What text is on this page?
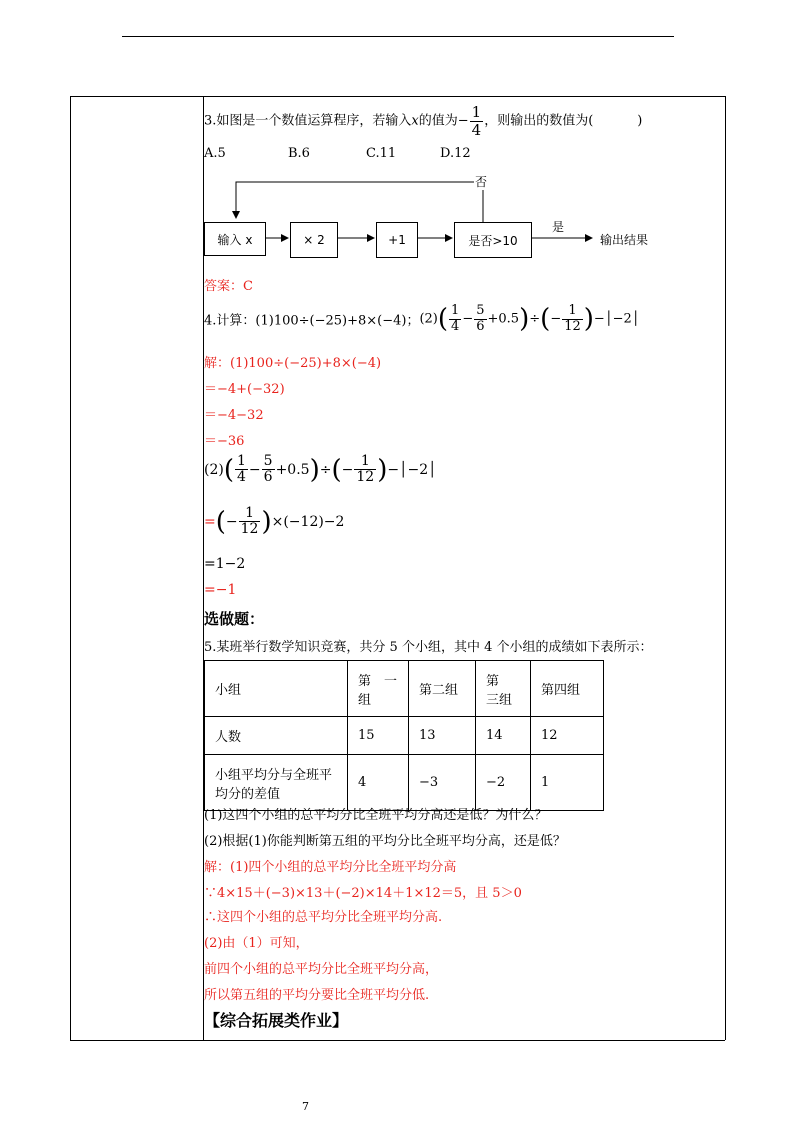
3.如图是一个数值运算程序，若输入x的值为− $\frac{1}{4}$ ，则输出的数值为(	)
A.5	B.6	C.11	D.12
输入 x	× 2	+1	是否>10
否
是
输出结果
答案：C
4.计算：(1)100÷(−25)+8×(−4)；$(2)( \frac{1}{4} - \frac{5}{6} +0.5)\div(- \frac{1}{12}$ )−│−2│
解：(1)100÷(−25)+8×(−4)
＝−4+(−32)
＝−4−32
＝−36
$(2)( \frac{1}{4} - \frac{5}{6} +0.5)\div(- \frac{1}{12}$ )−│−2│
=(− $\frac{1}{12} )\times(-12)-2$
=1−2
=−1
选做题：
5.某班举行数学知识竞赛，共分 5 个小组，其中 4 个小组的成绩如下表所示：
小组	第　一组	第二组	第　三组	第四组
人数	15	13	14	12
小组平均分与全班平均分的差值	4	−3	−2	1
(1)这四个小组的总平均分比全班平均分高还是低？为什么？
(2)根据(1)你能判断第五组的平均分比全班平均分高，还是低？
解：(1)四个小组的总平均分比全班平均分高
∵4×15＋(−3)×13＋(−2)×14＋1×12＝5，且 5＞0
∴这四个小组的总平均分比全班平均分高.
(2)由（1）可知，
前四个小组的总平均分比全班平均分高，
所以第五组的平均分要比全班平均分低.
【综合拓展类作业】
7
